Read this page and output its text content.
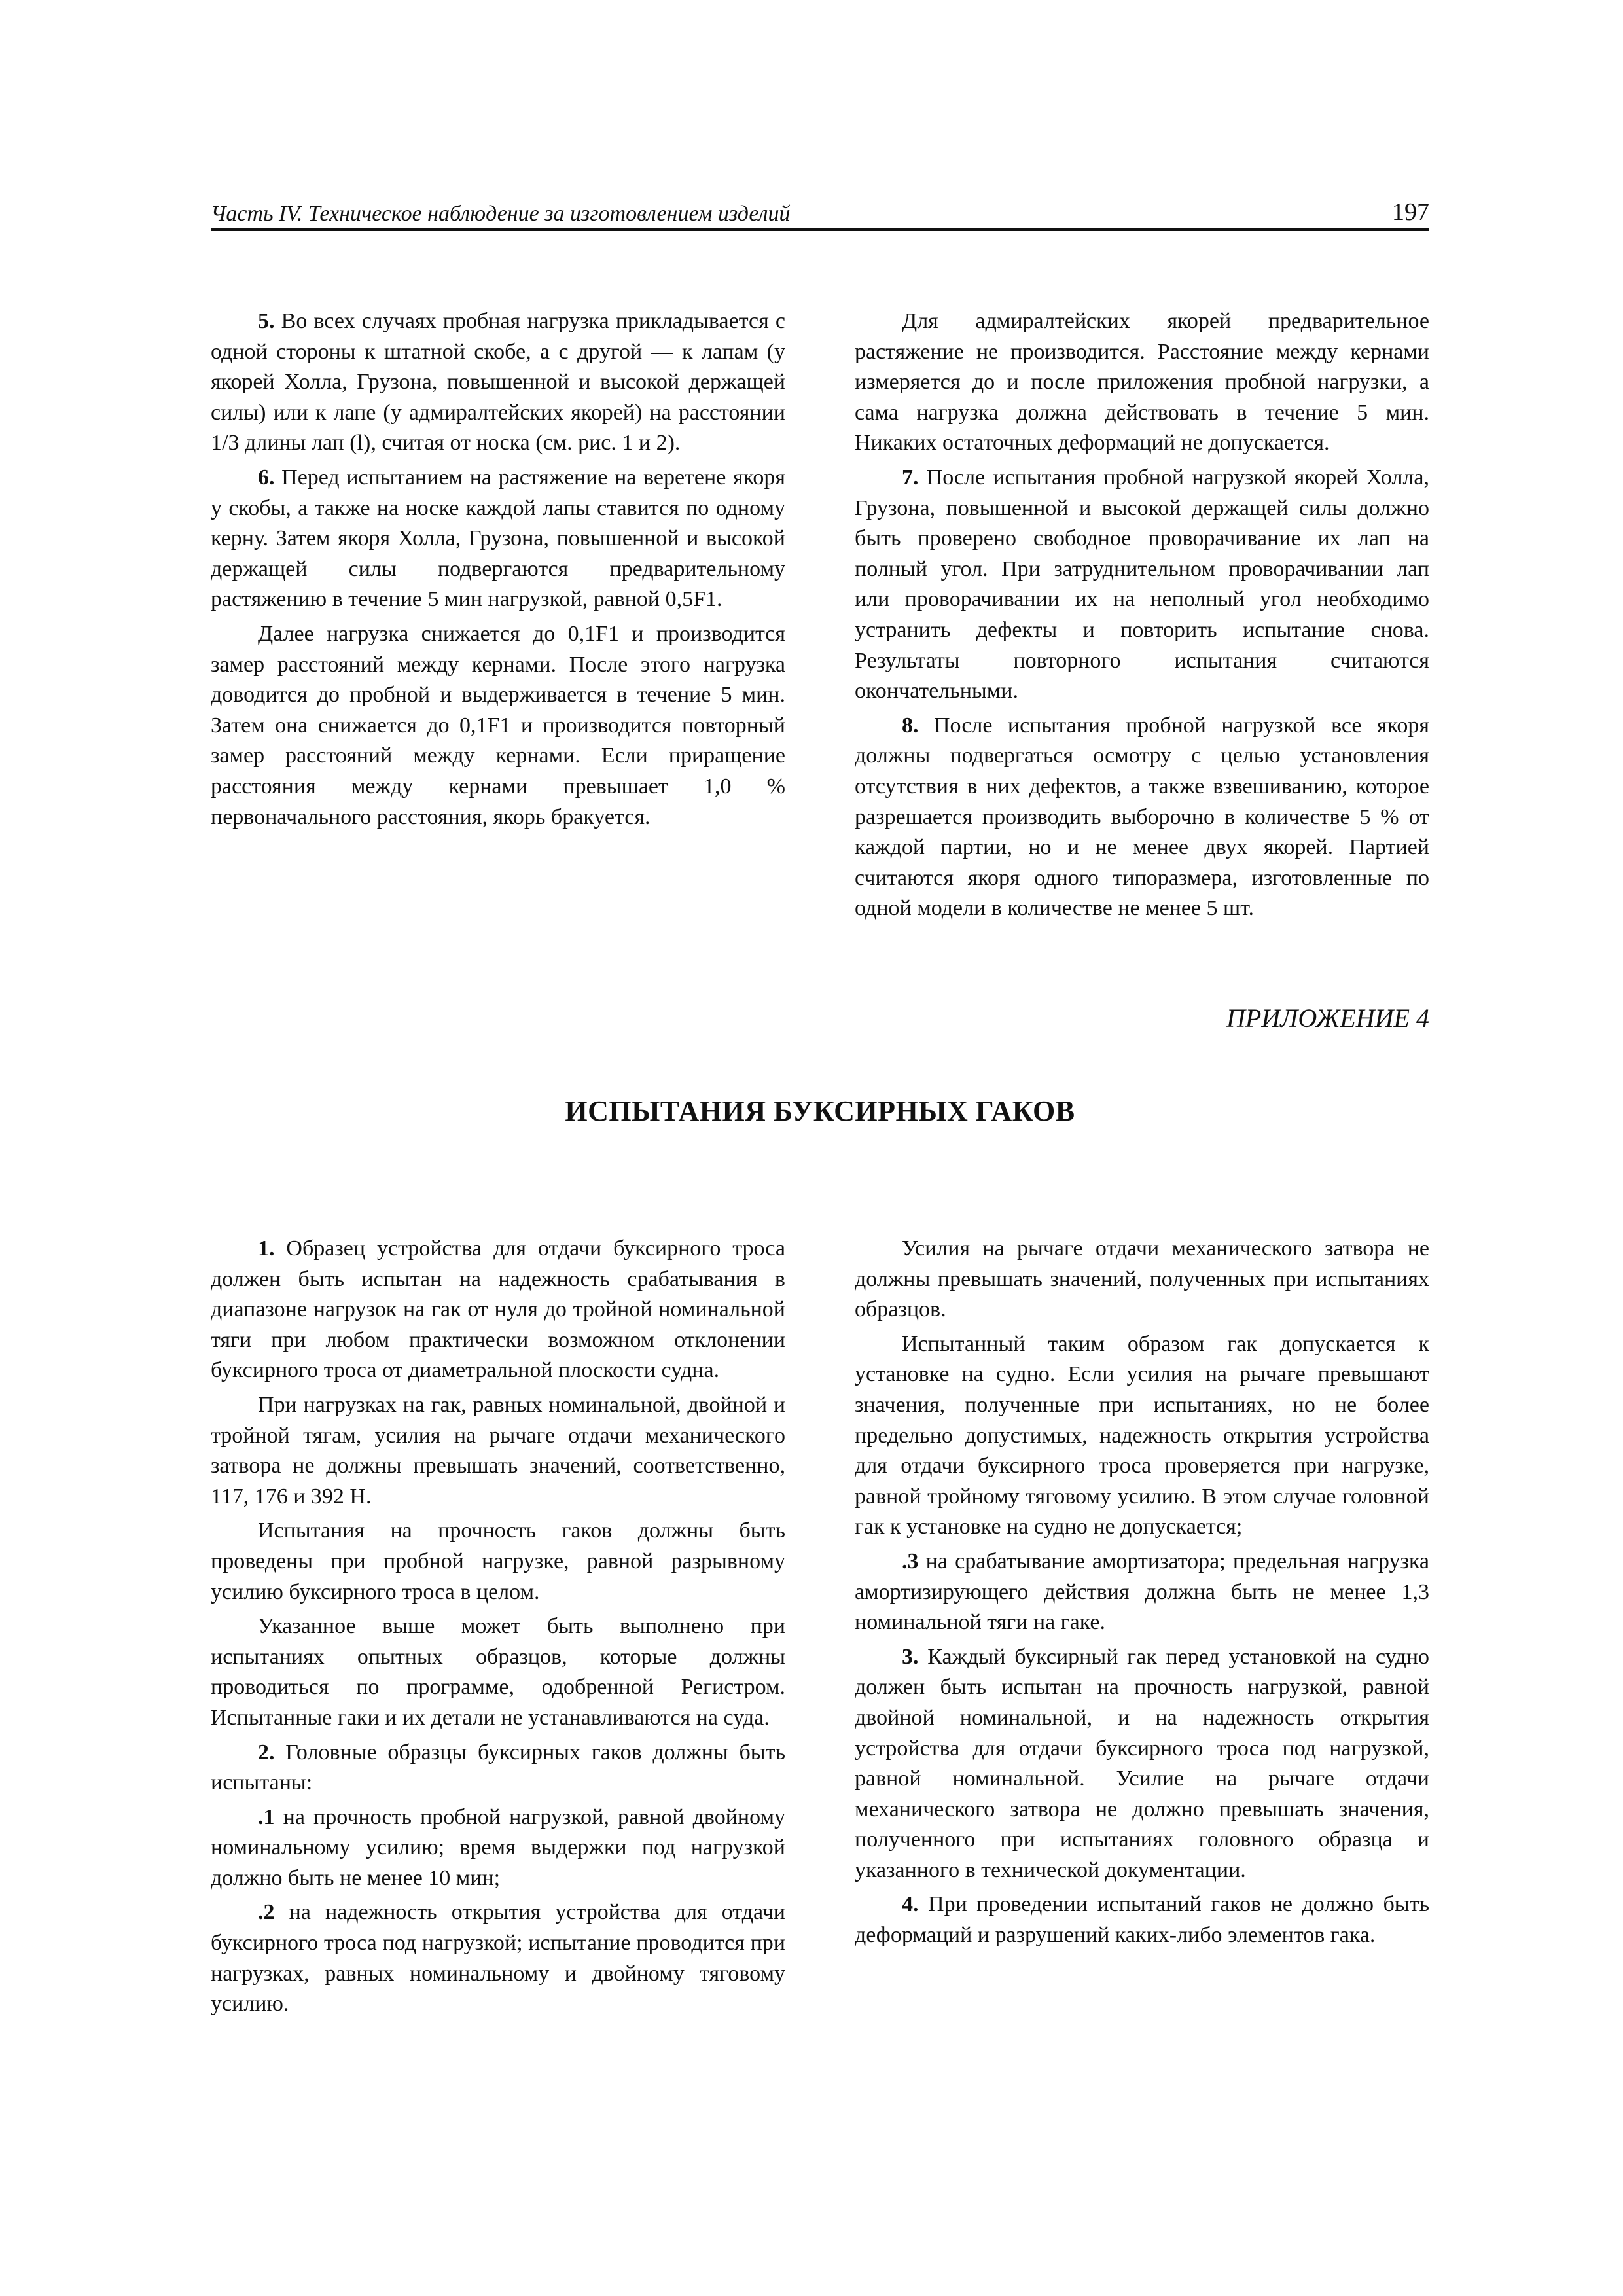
Часть IV. Техническое наблюдение за изготовлением изделий	197

5. Во всех случаях пробная нагрузка прикладывается с одной стороны к штатной скобе, а с другой — к лапам (у якорей Холла, Грузона, повышенной и высокой держащей силы) или к лапе (у адмиралтейских якорей) на расстоянии 1/3 длины лап (l), считая от носка (см. рис. 1 и 2).

6. Перед испытанием на растяжение на веретене якоря у скобы, а также на носке каждой лапы ставится по одному керну. Затем якоря Холла, Грузона, повышенной и высокой держащей силы подвергаются предварительному растяжению в течение 5 мин нагрузкой, равной 0,5F1.

Далее нагрузка снижается до 0,1F1 и производится замер расстояний между кернами. После этого нагрузка доводится до пробной и выдерживается в течение 5 мин. Затем она снижается до 0,1F1 и производится повторный замер расстояний между кернами. Если приращение расстояния между кернами превышает 1,0 % первоначального расстояния, якорь бракуется.

Для адмиралтейских якорей предварительное растяжение не производится. Расстояние между кернами измеряется до и после приложения пробной нагрузки, а сама нагрузка должна действовать в течение 5 мин. Никаких остаточных деформаций не допускается.

7. После испытания пробной нагрузкой якорей Холла, Грузона, повышенной и высокой держащей силы должно быть проверено свободное проворачивание их лап на полный угол. При затруднительном проворачивании лап или проворачивании их на неполный угол необходимо устранить дефекты и повторить испытание снова. Результаты повторного испытания считаются окончательными.

8. После испытания пробной нагрузкой все якоря должны подвергаться осмотру с целью установления отсутствия в них дефектов, а также взвешиванию, которое разрешается производить выборочно в количестве 5 % от каждой партии, но и не менее двух якорей. Партией считаются якоря одного типоразмера, изготовленные по одной модели в количестве не менее 5 шт.

ПРИЛОЖЕНИЕ 4
ИСПЫТАНИЯ БУКСИРНЫХ ГАКОВ

1. Образец устройства для отдачи буксирного троса должен быть испытан на надежность срабатывания в диапазоне нагрузок на гак от нуля до тройной номинальной тяги при любом практически возможном отклонении буксирного троса от диаметральной плоскости судна.

При нагрузках на гак, равных номинальной, двойной и тройной тягам, усилия на рычаге отдачи механического затвора не должны превышать значений, соответственно, 117, 176 и 392 Н.

Испытания на прочность гаков должны быть проведены при пробной нагрузке, равной разрывному усилию буксирного троса в целом.

Указанное выше может быть выполнено при испытаниях опытных образцов, которые должны проводиться по программе, одобренной Регистром. Испытанные гаки и их детали не устанавливаются на суда.

2. Головные образцы буксирных гаков должны быть испытаны:

.1 на прочность пробной нагрузкой, равной двойному номинальному усилию; время выдержки под нагрузкой должно быть не менее 10 мин;

.2 на надежность открытия устройства для отдачи буксирного троса под нагрузкой; испытание проводится при нагрузках, равных номинальному и двойному тяговому усилию.

Усилия на рычаге отдачи механического затвора не должны превышать значений, полученных при испытаниях образцов.

Испытанный таким образом гак допускается к установке на судно. Если усилия на рычаге превышают значения, полученные при испытаниях, но не более предельно допустимых, надежность открытия устройства для отдачи буксирного троса проверяется при нагрузке, равной тройному тяговому усилию. В этом случае головной гак к установке на судно не допускается;

.3 на срабатывание амортизатора; предельная нагрузка амортизирующего действия должна быть не менее 1,3 номинальной тяги на гаке.

3. Каждый буксирный гак перед установкой на судно должен быть испытан на прочность нагрузкой, равной двойной номинальной, и на надежность открытия устройства для отдачи буксирного троса под нагрузкой, равной номинальной. Усилие на рычаге отдачи механического затвора не должно превышать значения, полученного при испытаниях головного образца и указанного в технической документации.

4. При проведении испытаний гаков не должно быть деформаций и разрушений каких-либо элементов гака.
